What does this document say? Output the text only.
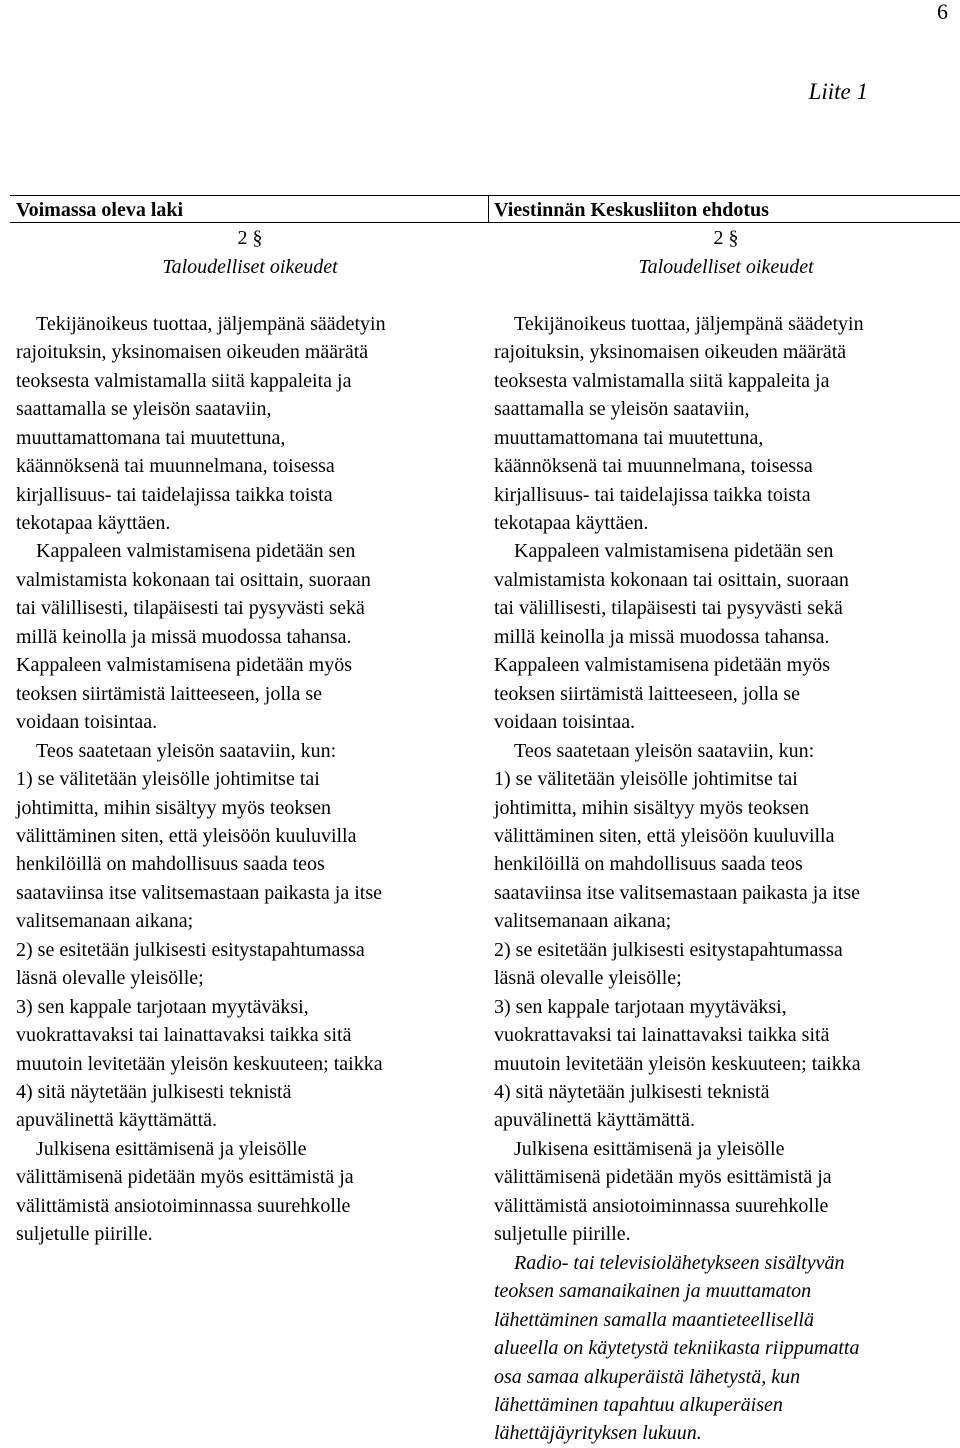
6
Liite 1
Voimassa oleva laki
2 §
Taloudelliset oikeudet
Tekijänoikeus tuottaa, jäljempänä säädetyin
rajoituksin, yksinomaisen oikeuden määrätä
teoksesta valmistamalla siitä kappaleita ja
saattamalla se yleisön saataviin,
muuttamattomana tai muutettuna,
käännöksenä tai muunnelmana, toisessa
kirjallisuus- tai taidelajissa taikka toista
tekotapaa käyttäen.
Kappaleen valmistamisena pidetään sen
valmistamista kokonaan tai osittain, suoraan
tai välillisesti, tilapäisesti tai pysyvästi sekä
millä keinolla ja missä muodossa tahansa.
Kappaleen valmistamisena pidetään myös
teoksen siirtämistä laitteeseen, jolla se
voidaan toisintaa.
Teos saatetaan yleisön saataviin, kun:
1) se välitetään yleisölle johtimitse tai
johtimitta, mihin sisältyy myös teoksen
välittäminen siten, että yleisöön kuuluvilla
henkilöillä on mahdollisuus saada teos
saataviinsa itse valitsemastaan paikasta ja itse
valitsemanaan aikana;
2) se esitetään julkisesti esitystapahtumassa
läsnä olevalle yleisölle;
3) sen kappale tarjotaan myytäväksi,
vuokrattavaksi tai lainattavaksi taikka sitä
muutoin levitetään yleisön keskuuteen; taikka
4) sitä näytetään julkisesti teknistä
apuvälinettä käyttämättä.
Julkisena esittämisenä ja yleisölle
välittämisenä pidetään myös esittämistä ja
välittämistä ansiotoiminnassa suurehkolle
suljetulle piirille.
Viestinnän Keskusliiton ehdotus
2 §
Taloudelliset oikeudet
Tekijänoikeus tuottaa, jäljempänä säädetyin
rajoituksin, yksinomaisen oikeuden määrätä
teoksesta valmistamalla siitä kappaleita ja
saattamalla se yleisön saataviin,
muuttamattomana tai muutettuna,
käännöksenä tai muunnelmana, toisessa
kirjallisuus- tai taidelajissa taikka toista
tekotapaa käyttäen.
Kappaleen valmistamisena pidetään sen
valmistamista kokonaan tai osittain, suoraan
tai välillisesti, tilapäisesti tai pysyvästi sekä
millä keinolla ja missä muodossa tahansa.
Kappaleen valmistamisena pidetään myös
teoksen siirtämistä laitteeseen, jolla se
voidaan toisintaa.
Teos saatetaan yleisön saataviin, kun:
1) se välitetään yleisölle johtimitse tai
johtimitta, mihin sisältyy myös teoksen
välittäminen siten, että yleisöön kuuluvilla
henkilöillä on mahdollisuus saada teos
saataviinsa itse valitsemastaan paikasta ja itse
valitsemanaan aikana;
2) se esitetään julkisesti esitystapahtumassa
läsnä olevalle yleisölle;
3) sen kappale tarjotaan myytäväksi,
vuokrattavaksi tai lainattavaksi taikka sitä
muutoin levitetään yleisön keskuuteen; taikka
4) sitä näytetään julkisesti teknistä
apuvälinettä käyttämättä.
Julkisena esittämisenä ja yleisölle
välittämisenä pidetään myös esittämistä ja
välittämistä ansiotoiminnassa suurehkolle
suljetulle piirille.
Radio- tai televisiolähetykseen sisältyvän
teoksen samanaikainen ja muuttamaton
lähettäminen samalla maantieteellisellä
alueella on käytetystä tekniikasta riippumatta
osa samaa alkuperäistä lähetystä, kun
lähettäminen tapahtuu alkuperäisen
lähettäjäyrityksen lukuun.
